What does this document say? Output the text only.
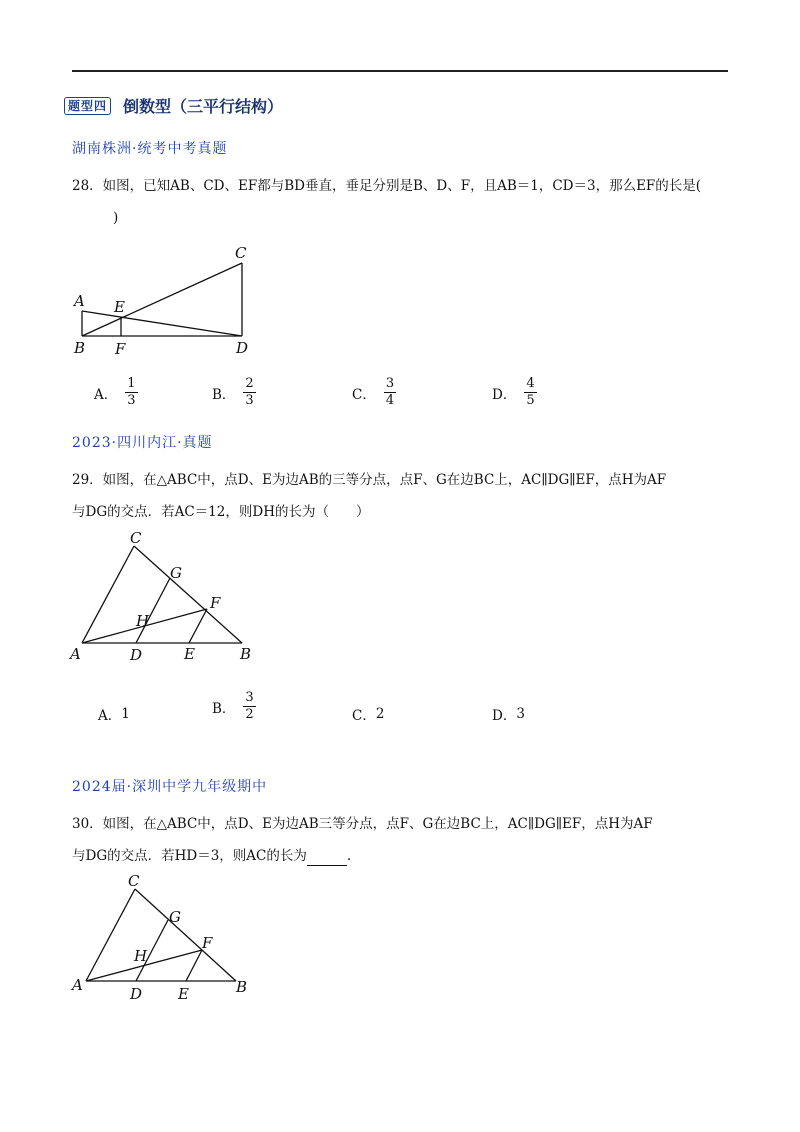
题型四 倒数型（三平行结构）
湖南株洲·统考中考真题
28．如图，已知AB、CD、EF都与BD垂直，垂足分别是B、D、F，且AB＝1，CD＝3，那么EF的长是(
)
A
B
C
D
E
F
A． $\frac{1}{3}$	B． $\frac{2}{3}$	C． $\frac{3}{4}$	D． $\frac{4}{5}$
2023·四川内江·真题
29．如图，在△ABC中，点D、E为边AB的三等分点，点F、G在边BC上，AC∥DG∥EF，点H为AF
与DG的交点．若AC＝12，则DH的长为（　　）
C
G
F
H
A	D	E	B
A． 1	B． $\frac{3}{2}$	C． 2	D． 3
2024届·深圳中学九年级期中
30．如图，在△ABC中，点D、E为边AB三等分点，点F、G在边BC上，AC∥DG∥EF，点H为AF
与DG的交点．若HD＝3，则AC的长为	.
C
G
F
H
A	D E	B
